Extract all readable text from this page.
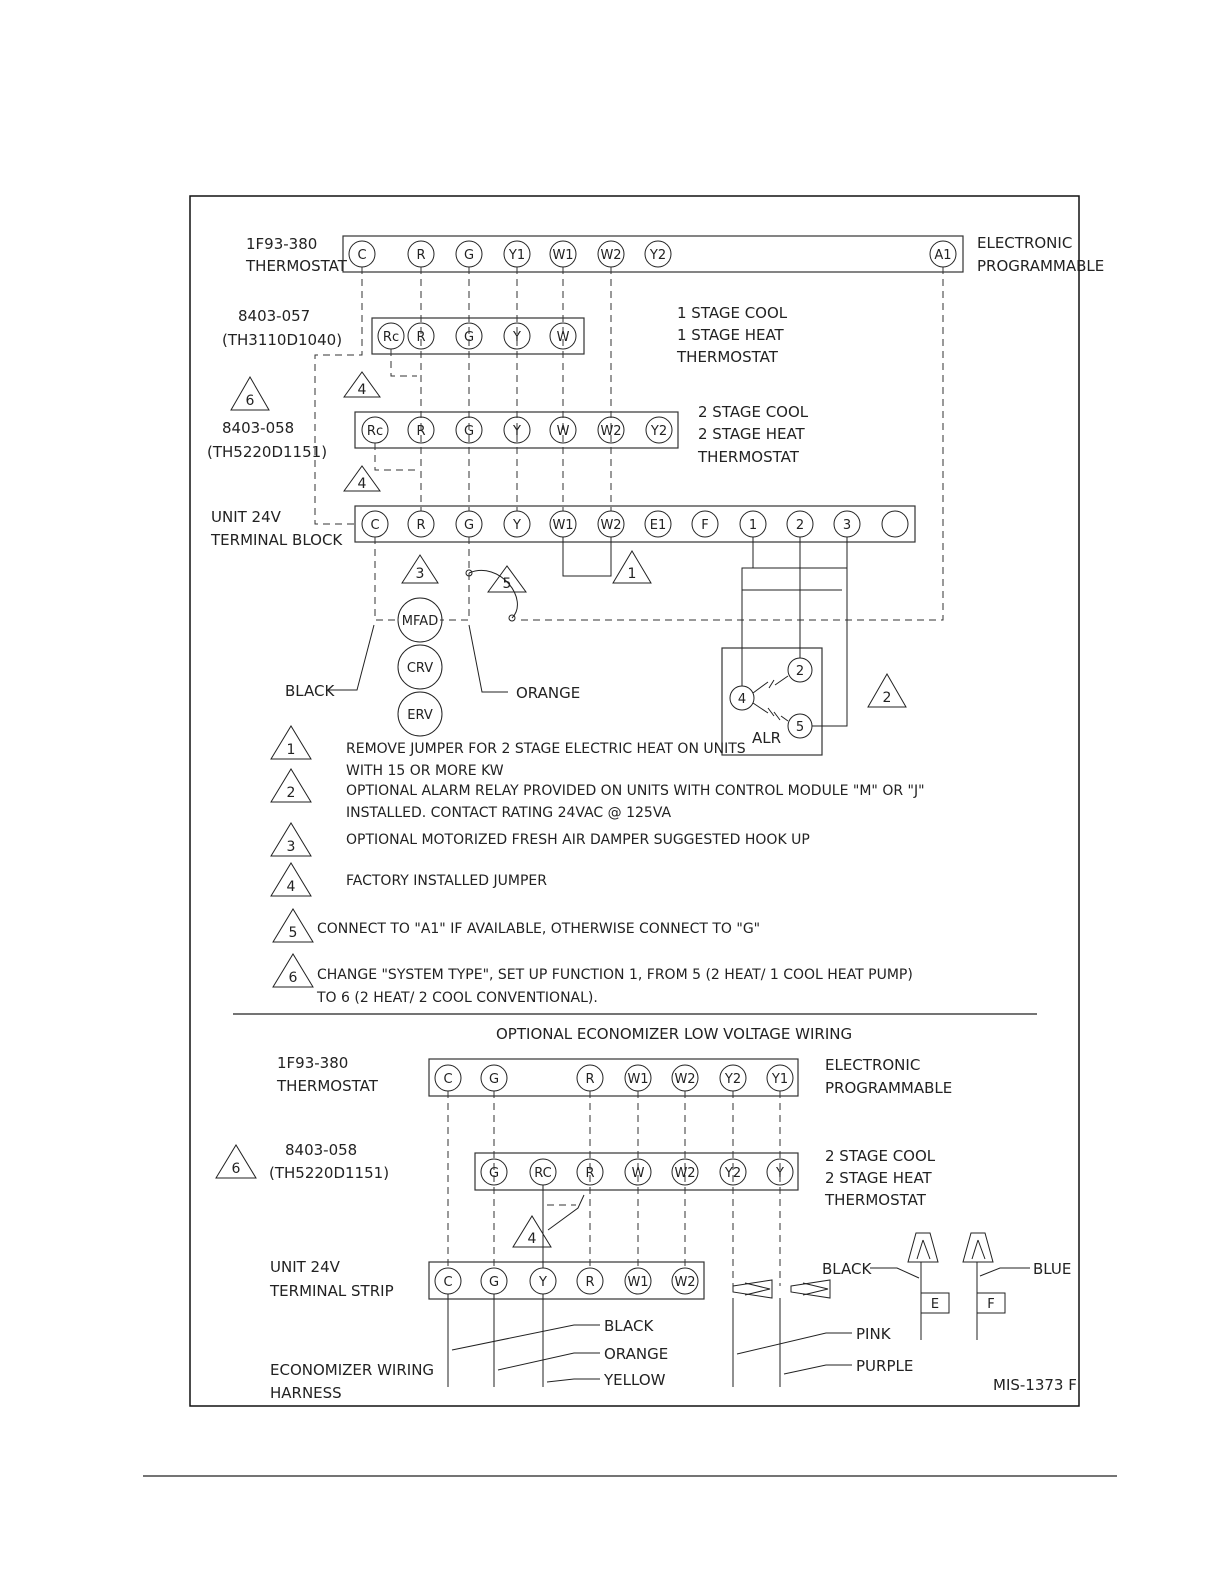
1F93-380
THERMOSTAT
C	R	G	Y1 W1 W2 Y2	A1
ELECTRONIC
PROGRAMMABLE
8403-057
(TH3110D1040)	Rc R	G	Y	W
1 STAGE COOL
1 STAGE HEAT
THERMOSTAT
4
6
8403-058
(TH5220D1151)
Rc	R	G	Y	W W2 Y2
2 STAGE COOL
2 STAGE HEAT
THERMOSTAT
4
UNIT 24V
TERMINAL BLOCK
C	R	G	Y W1 W2 E1	F	1	2	3
1
3
5
MFAD
CRV
ERV
BLACK	ORANGE
ALR
2
4
5
2
1	REMOVE JUMPER FOR 2 STAGE ELECTRIC HEAT ON UNITS
WITH 15 OR MORE KW
2	OPTIONAL ALARM RELAY PROVIDED ON UNITS WITH CONTROL MODULE "M" OR "J"
INSTALLED. CONTACT RATING 24VAC @ 125VA
3	OPTIONAL MOTORIZED FRESH AIR DAMPER SUGGESTED HOOK UP
4	FACTORY INSTALLED JUMPER
5 CONNECT TO "A1" IF AVAILABLE, OTHERWISE CONNECT TO "G"
6 CHANGE "SYSTEM TYPE", SET UP FUNCTION 1, FROM 5 (2 HEAT/ 1 COOL HEAT PUMP)
TO 6 (2 HEAT/ 2 COOL CONVENTIONAL).
OPTIONAL ECONOMIZER LOW VOLTAGE WIRING
1F93-380
THERMOSTAT	C	G	R	W1 W2 Y2 Y1
ELECTRONIC
PROGRAMMABLE
6
8403-058
(TH5220D1151)	G	RC	R	W W2 Y2	Y
2 STAGE COOL
2 STAGE HEAT
THERMOSTAT
4
UNIT 24V
TERMINAL STRIP	C	G	Y	R	W1 W2
E	F
BLACK	BLUE
BLACK
ORANGE
YELLOW
PINK
PURPLE
ECONOMIZER WIRING
HARNESS	MIS-1373 F
